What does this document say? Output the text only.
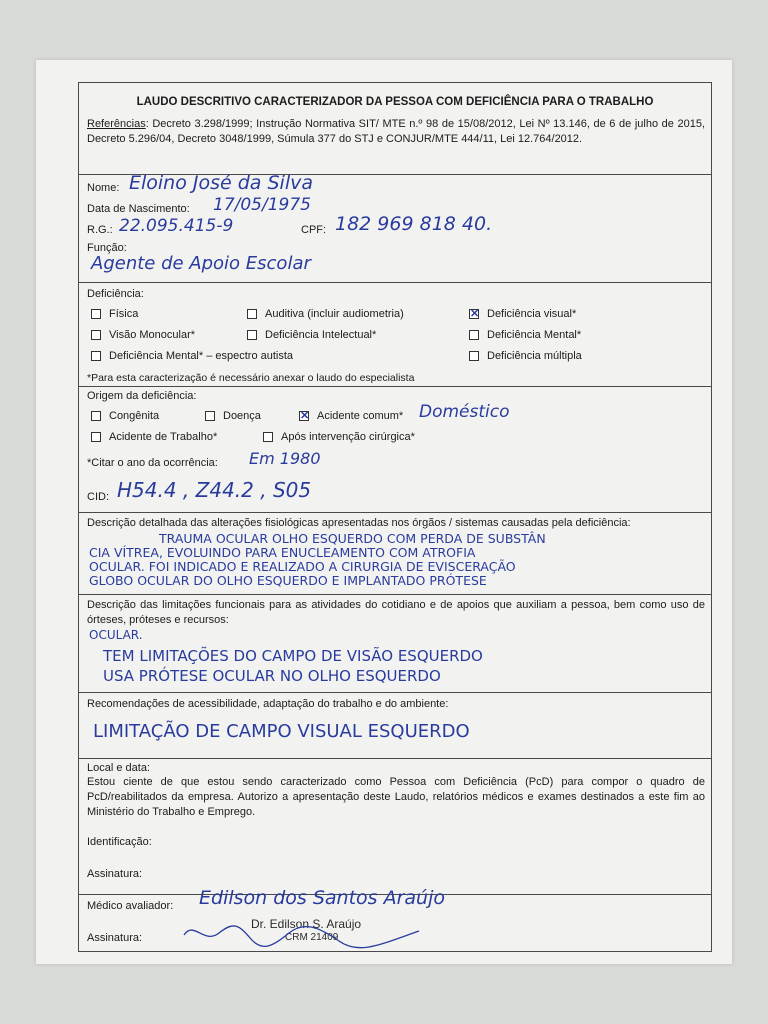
LAUDO DESCRITIVO CARACTERIZADOR DA PESSOA COM DEFICIÊNCIA PARA O TRABALHO
Referências: Decreto 3.298/1999; Instrução Normativa SIT/ MTE n.º 98 de 15/08/2012, Lei Nº 13.146, de 6 de julho de 2015, Decreto 5.296/04, Decreto 3048/1999, Súmula 377 do STJ e CONJUR/MTE 444/11, Lei 12.764/2012.
Nome: Eloino José da Silva
Data de Nascimento: 17/05/1975
R.G.: 22.095.415-9	CPF: 182 969 818 40.
Função:
Agente de Apoio Escolar
Deficiência:
Física	Auditiva (incluir audiometria) ✕	Deficiência visual*
Visão Monocular*	Deficiência Intelectual*	Deficiência Mental*
Deficiência Mental* – espectro autista	Deficiência múltipla
*Para esta caracterização é necessário anexar o laudo do especialista
Origem da deficiência:
Congênita	Doença ✕	Acidente comum* Doméstico
Acidente de Trabalho*	Após intervenção cirúrgica*
*Citar o ano da ocorrência: Em 1980
CID: H54.4 , Z44.2 , S05
Descrição detalhada das alterações fisiológicas apresentadas nos órgãos / sistemas causadas pela deficiência:
TRAUMA OCULAR OLHO ESQUERDO COM PERDA DE SUBSTÂN
CIA VÍTREA, EVOLUINDO PARA ENUCLEAMENTO COM ATROFIA
OCULAR. FOI INDICADO E REALIZADO A CIRURGIA DE EVISCERAÇÃO
GLOBO OCULAR DO OLHO ESQUERDO E IMPLANTADO PRÓTESE
Descrição das limitações funcionais para as atividades do cotidiano e de apoios que auxiliam a pessoa, bem como uso de órteses, próteses e recursos:
OCULAR.
TEM LIMITAÇÕES DO CAMPO DE VISÃO ESQUERDO
USA PRÓTESE OCULAR NO OLHO ESQUERDO
Recomendações de acessibilidade, adaptação do trabalho e do ambiente:
LIMITAÇÃO DE CAMPO VISUAL ESQUERDO
Local e data:
Estou ciente de que estou sendo caracterizado como Pessoa com Deficiência (PcD) para compor o quadro de PcD/reabilitados da empresa. Autorizo a apresentação deste Laudo, relatórios médicos e exames destinados a este fim ao Ministério do Trabalho e Emprego.
Identificação:
Assinatura:
Médico avaliador: Edilson dos Santos Araújo
Assinatura:
Dr. Edilson S. Araújo
CRM 21409
